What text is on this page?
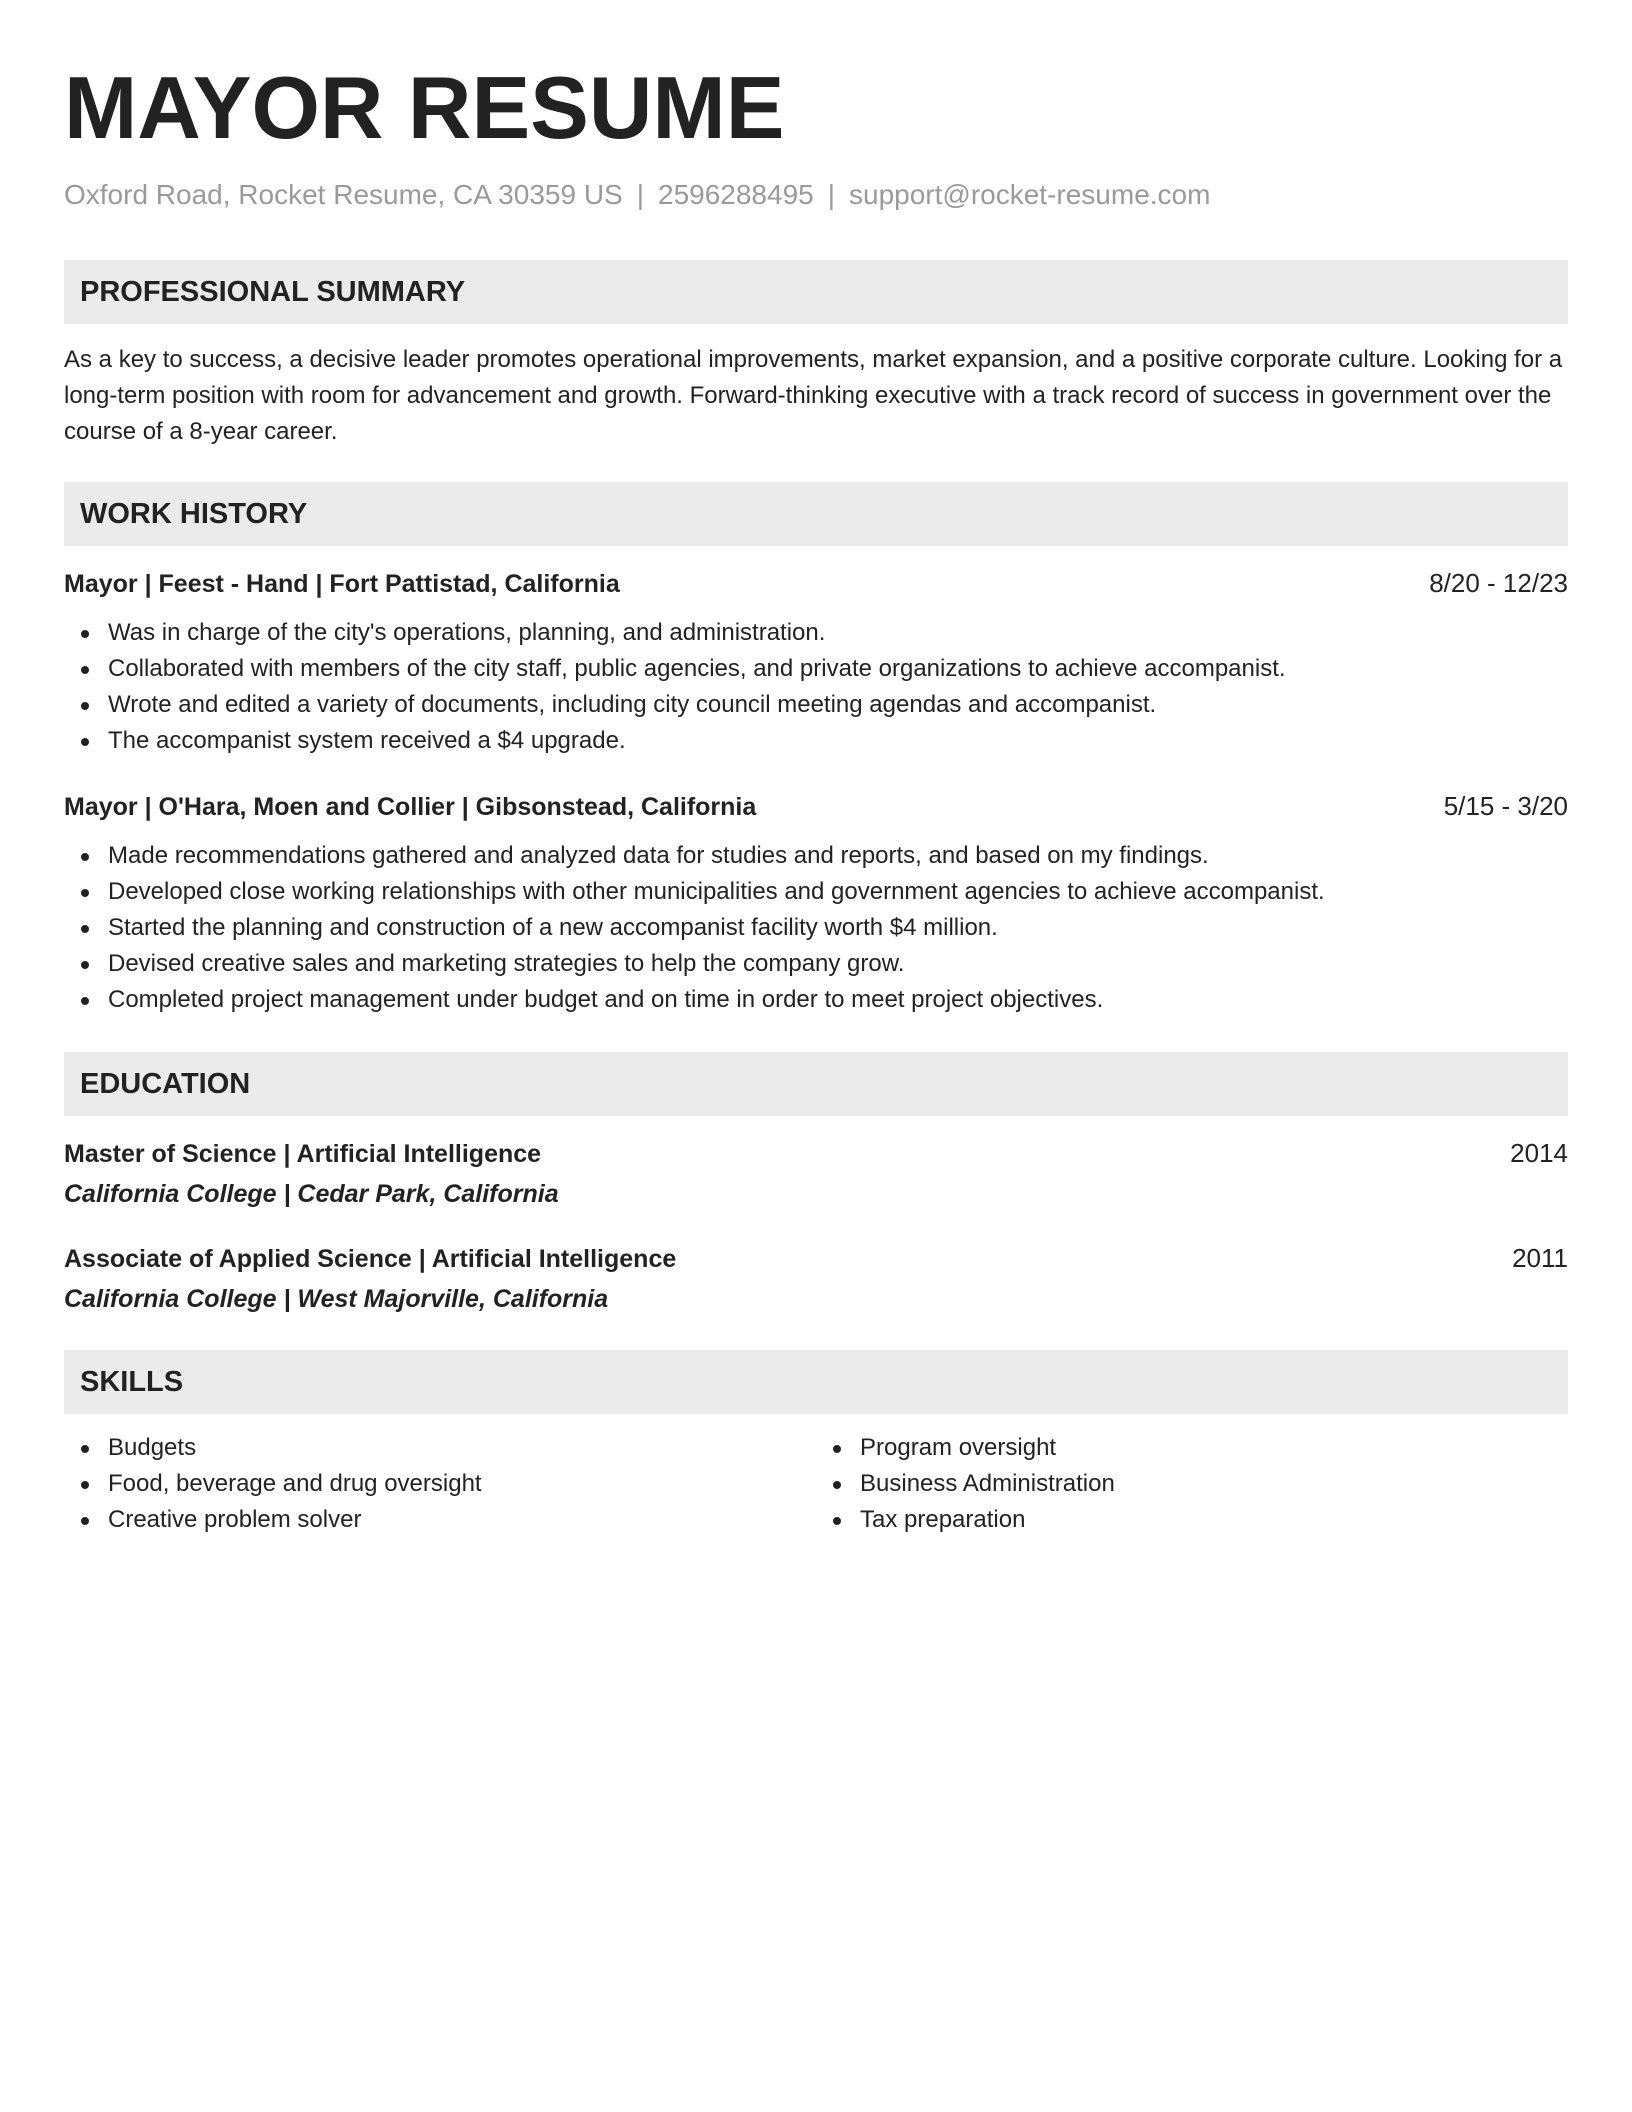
MAYOR RESUME
Oxford Road, Rocket Resume, CA 30359 US | 2596288495 | support@rocket-resume.com
PROFESSIONAL SUMMARY
As a key to success, a decisive leader promotes operational improvements, market expansion, and a positive corporate culture. Looking for a long-term position with room for advancement and growth. Forward-thinking executive with a track record of success in government over the course of a 8-year career.
WORK HISTORY
Mayor | Feest - Hand | Fort Pattistad, California	8/20 - 12/23
Was in charge of the city's operations, planning, and administration.
Collaborated with members of the city staff, public agencies, and private organizations to achieve accompanist.
Wrote and edited a variety of documents, including city council meeting agendas and accompanist.
The accompanist system received a $4 upgrade.
Mayor | O'Hara, Moen and Collier | Gibsonstead, California	5/15 - 3/20
Made recommendations gathered and analyzed data for studies and reports, and based on my findings.
Developed close working relationships with other municipalities and government agencies to achieve accompanist.
Started the planning and construction of a new accompanist facility worth $4 million.
Devised creative sales and marketing strategies to help the company grow.
Completed project management under budget and on time in order to meet project objectives.
EDUCATION
Master of Science | Artificial Intelligence	2014
California College | Cedar Park, California
Associate of Applied Science | Artificial Intelligence	2011
California College | West Majorville, California
SKILLS
Budgets
Food, beverage and drug oversight
Creative problem solver
Program oversight
Business Administration
Tax preparation
